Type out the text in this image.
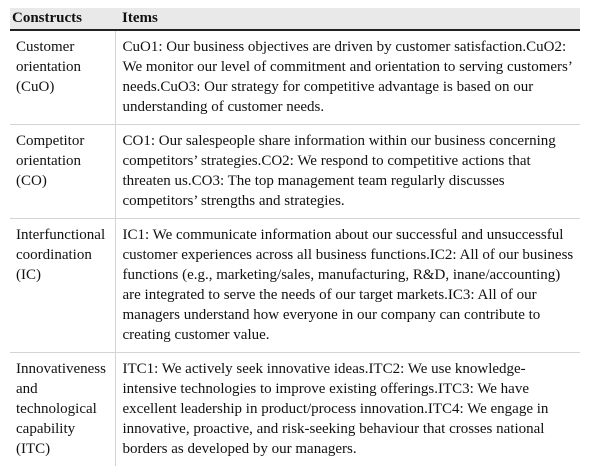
Constructs	Items
Customer orientation (CuO)	CuO1: Our business objectives are driven by customer satisfaction.CuO2: We monitor our level of commitment and orientation to serving customers’ needs.CuO3: Our strategy for competitive advantage is based on our understanding of customer needs.
Competitor orientation (CO)	CO1: Our salespeople share information within our business concerning competitors’ strategies.CO2: We respond to competitive actions that threaten us.CO3: The top management team regularly discusses competitors’ strengths and strategies.
Interfunctional coordination (IC)	IC1: We communicate information about our successful and unsuccessful customer experiences across all business functions.IC2: All of our business functions (e.g., marketing/sales, manufacturing, R&D, inane/accounting) are integrated to serve the needs of our target markets.IC3: All of our managers understand how everyone in our company can contribute to creating customer value.
Innovativeness and technological capability (ITC)	ITC1: We actively seek innovative ideas.ITC2: We use knowledge-intensive technologies to improve existing offerings.ITC3: We have excellent leadership in product/process innovation.ITC4: We engage in innovative, proactive, and risk-seeking behaviour that crosses national borders as developed by our managers.
